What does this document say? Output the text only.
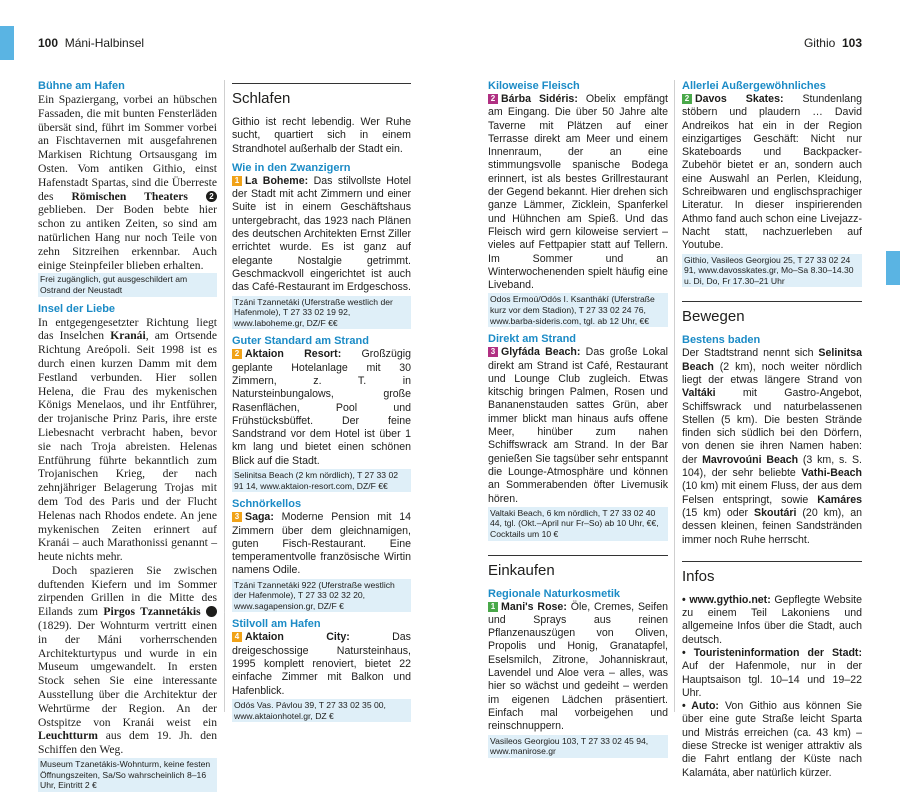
100 Máni-Halbinsel	Githio 103
Bühne am Hafen
Ein Spaziergang, vorbei an hübschen Fassaden, die mit bunten Fensterläden übersät sind, führt im Sommer vorbei an Fischtavernen mit ausgefahrenen Markisen Richtung Ortsausgang im Osten. Vom antiken Githio, einst Hafenstadt Spartas, sind die Überreste des Römischen Theaters	2 geblieben. Der Boden bebte hier schon zu antiken Zeiten, so sind am natürlichen Hang nur noch Teile von zehn Sitzreihen erkennbar. Auch einige Steinpfeiler blieben erhalten.
Frei zugänglich, gut ausgeschildert am Ostrand der Neustadt
Insel der Liebe
In entgegengesetzter Richtung liegt das Inselchen Kranái, am Ortsende Richtung Areópoli. Seit 1998 ist es durch einen kurzen Damm mit dem Festland verbunden. Hier sollen Helena, die Frau des mykenischen Königs Menelaos, und ihr Entführer, der trojanische Prinz Paris, ihre erste Liebesnacht verbracht haben, bevor sie nach Troja abreisten. Helenas Entführung führte bekanntlich zum Trojanischen Krieg, der nach zehnjähriger Belagerung Trojas mit dem Tod des Paris und der Flucht Helenas nach Rhodos endete. An jene mykenischen Zeiten erinnert auf Kranái – auch Marathonissi genannt – heute nichts mehr.
Doch spazieren Sie zwischen duftenden Kiefern und im Sommer zirpenden Grillen in die Mitte des Eilands zum Pirgos Tzannetákis 3 (1829). Der Wohnturm vertritt einen in der Máni vorherrschenden Architekturtypus und wurde in ein Museum umgewandelt. In ersten Stock sehen Sie eine interessante Ausstellung über die Architektur der Wehrtürme der Region. An der Ostspitze von Kranái weist ein Leuchtturm aus dem 19. Jh. den Schiffen den Weg.
Museum Tzanetákis-Wohnturm, keine festen Öffnungszeiten, Sa/So wahrscheinlich 8–16 Uhr, Eintritt 2 €
Schlafen
Githio ist recht lebendig. Wer Ruhe sucht, quartiert sich in einem Strandhotel außerhalb der Stadt ein.
Wie in den Zwanzigern
1 La Boheme: Das stilvollste Hotel der Stadt mit acht Zimmern und einer Suite ist in einem Geschäftshaus untergebracht, das 1923 nach Plänen des deutschen Architekten Ernst Ziller errichtet wurde. Es ist ganz auf elegante Nostalgie getrimmt. Geschmackvoll eingerichtet ist auch das Café-Restaurant im Erdgeschoss.
Tzáni Tzannetáki (Uferstraße westlich der Hafenmole), T 27 33 02 19 92, www.laboheme.gr, DZ/F €€
Guter Standard am Strand
2 Aktaion Resort: Großzügig geplante Hotelanlage mit 30 Zimmern, z. T. in Natursteinbungalows, große Rasenflächen, Pool und Frühstücksbüffet. Der feine Sandstrand vor dem Hotel ist über 1 km lang und bietet einen schönen Blick auf die Stadt.
Selinitsa Beach (2 km nördlich), T 27 33 02 91 14, www.aktaion-resort.com, DZ/F €€
Schnörkellos
3 Saga: Moderne Pension mit 14 Zimmern über dem gleichnamigen, guten Fisch-Restaurant. Eine temperamentvolle französische Wirtin namens Odile.
Tzáni Tzannetáki 922 (Uferstraße westlich der Hafenmole), T 27 33 02 32 20, www.sagapension.gr, DZ/F €
Stilvoll am Hafen
4 Aktaion City: Das dreigeschossige Natursteinhaus, 1995 komplett renoviert, bietet 22 einfache Zimmer mit Balkon und Hafenblick.
Odós Vas. Pávlou 39, T 27 33 02 35 00, www.aktaionhotel.gr, DZ €
Kiloweise Fleisch
2 Bárba Sidéris: Obelix empfängt am Eingang. Die über 50 Jahre alte Taverne mit Plätzen auf einer Terrasse direkt am Meer und einem Innenraum, der an eine stimmungsvolle spanische Bodega erinnert, ist als bestes Grillrestaurant der Gegend bekannt. Hier drehen sich ganze Lämmer, Zicklein, Spanferkel und Hühnchen am Spieß. Und das Fleisch wird gern kiloweise serviert – vieles auf Fettpapier statt auf Tellern. Im Sommer und an Winterwochenenden spielt häufig eine Liveband.
Odos Ermoú/Odós I. Ksanthákí (Uferstraße kurz vor dem Stadion), T 27 33 02 24 76, www.barba-sideris.com, tgl. ab 12 Uhr, €€
Direkt am Strand
3 Glyfáda Beach: Das große Lokal direkt am Strand ist Café, Restaurant und Lounge Club zugleich. Etwas kitschig bringen Palmen, Rosen und Bananenstauden sattes Grün, aber immer blickt man hinaus aufs offene Meer, hinüber zum nahen Schiffswrack am Strand. In der Bar genießen Sie tagsüber sehr entspannt die Lounge-Atmosphäre und können an Sommerabenden öfter Livemusik hören.
Valtaki Beach, 6 km nördlich, T 27 33 02 40 44, tgl. (Okt.–April nur Fr–So) ab 10 Uhr, €€, Cocktails um 10 €
Einkaufen
Regionale Naturkosmetik
1 Mani's Rose: Öle, Cremes, Seifen und Sprays aus reinen Pflanzenauszügen von Oliven, Propolis und Honig, Granatapfel, Eselsmilch, Zitrone, Johanniskraut, Lavendel und Aloe vera – alles, was hier so wächst und gedeiht – werden im eigenen Lädchen präsentiert. Einfach mal vorbeigehen und reinschnuppern.
Vasileos Georgiou 103, T 27 33 02 45 94, www.manirose.gr
Allerlei Außergewöhnliches
2 Davos Skates: Stundenlang stöbern und plaudern … David Andreikos hat ein in der Region einzigartiges Geschäft: Nicht nur Skateboards und Backpacker-Zubehör bietet er an, sondern auch eine Auswahl an Perlen, Kleidung, Schreibwaren und englischsprachiger Literatur. In dieser inspirierenden Athmo fand auch schon eine Livejazz-Nacht statt, nachzuerleben auf Youtube.
Githio, Vasileos Georgiou 25, T 27 33 02 24 91, www.davosskates.gr, Mo–Sa 8.30–14.30 u. Di, Do, Fr 17.30–21 Uhr
Bewegen
Bestens baden
Der Stadtstrand nennt sich Selinitsa Beach (2 km), noch weiter nördlich liegt der etwas längere Strand von Valtáki mit Gastro-Angebot, Schiffswrack und naturbelassenen Stellen (5 km). Die besten Strände finden sich südlich bei den Dörfern, von denen sie ihren Namen haben: der Mavrovoúni Beach (3 km, s. S. 104), der sehr beliebte Vathi-Beach (10 km) mit einem Fluss, der aus dem Felsen entspringt, sowie Kamáres (15 km) oder Skoutári (20 km), an dessen kleinen, feinen Sandstränden immer noch Ruhe herrscht.
Infos
• www.gythio.net: Gepflegte Website zu einem Teil Lakoniens und allgemeine Infos über die Stadt, auch deutsch.
• Touristeninformation der Stadt: Auf der Hafenmole, nur in der Hauptsaison tgl. 10–14 und 19–22 Uhr.
• Auto: Von Githio aus können Sie über eine gute Straße leicht Sparta und Mistrás erreichen (ca. 43 km) – diese Strecke ist weniger attraktiv als die Fahrt entlang der Küste nach Kalamáta, aber natürlich kürzer.
